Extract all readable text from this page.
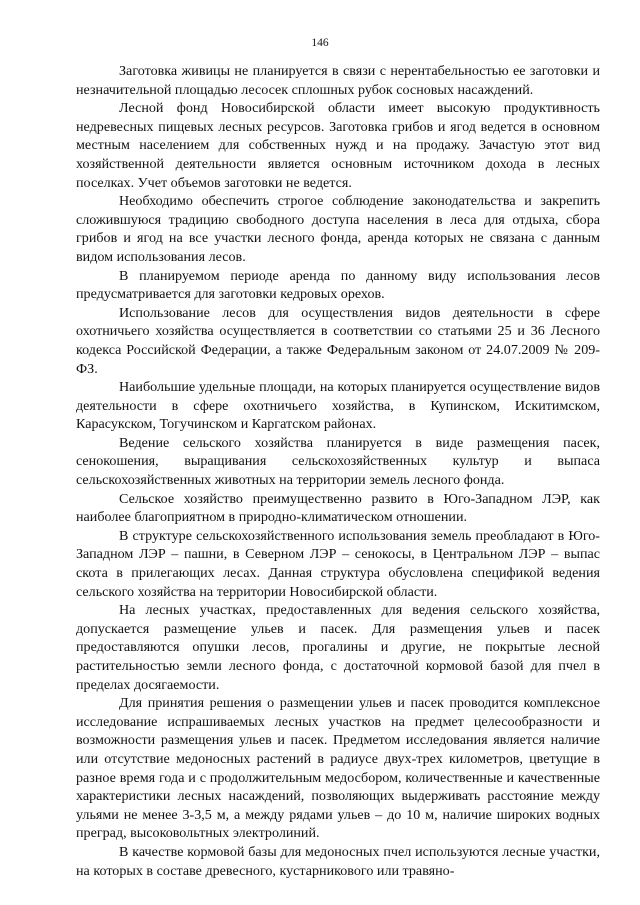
146

Заготовка живицы не планируется в связи с нерентабельностью ее заготовки и незначительной площадью лесосек сплошных рубок сосновых насаждений.

Лесной фонд Новосибирской области имеет высокую продуктивность недревесных пищевых лесных ресурсов. Заготовка грибов и ягод ведется в основном местным населением для собственных нужд и на продажу. Зачастую этот вид хозяйственной деятельности является основным источником дохода в лесных поселках. Учет объемов заготовки не ведется.

Необходимо обеспечить строгое соблюдение законодательства и закрепить сложившуюся традицию свободного доступа населения в леса для отдыха, сбора грибов и ягод на все участки лесного фонда, аренда которых не связана с данным видом использования лесов.

В планируемом периоде аренда по данному виду использования лесов предусматривается для заготовки кедровых орехов.

Использование лесов для осуществления видов деятельности в сфере охотничьего хозяйства осуществляется в соответствии со статьями 25 и 36 Лесного кодекса Российской Федерации, а также Федеральным законом от 24.07.2009 № 209-ФЗ.

Наибольшие удельные площади, на которых планируется осуществление видов деятельности в сфере охотничьего хозяйства, в Купинском, Искитимском, Карасукском, Тогучинском и Каргатском районах.

Ведение сельского хозяйства планируется в виде размещения пасек, сенокошения, выращивания сельскохозяйственных культур и выпаса сельскохозяйственных животных на территории земель лесного фонда.

Сельское хозяйство преимущественно развито в Юго-Западном ЛЭР, как наиболее благоприятном в природно-климатическом отношении.

В структуре сельскохозяйственного использования земель преобладают в Юго-Западном ЛЭР – пашни, в Северном ЛЭР – сенокосы, в Центральном ЛЭР – выпас скота в прилегающих лесах. Данная структура обусловлена спецификой ведения сельского хозяйства на территории Новосибирской области.

На лесных участках, предоставленных для ведения сельского хозяйства, допускается размещение ульев и пасек. Для размещения ульев и пасек предоставляются опушки лесов, прогалины и другие, не покрытые лесной растительностью земли лесного фонда, с достаточной кормовой базой для пчел в пределах досягаемости.

Для принятия решения о размещении ульев и пасек проводится комплексное исследование испрашиваемых лесных участков на предмет целесообразности и возможности размещения ульев и пасек. Предметом исследования является наличие или отсутствие медоносных растений в радиусе двух-трех километров, цветущие в разное время года и с продолжительным медосбором, количественные и качественные характеристики лесных насаждений, позволяющих выдерживать расстояние между ульями не менее 3-3,5 м, а между рядами ульев – до 10 м, наличие широких водных преград, высоковольтных электролиний.

В качестве кормовой базы для медоносных пчел используются лесные участки, на которых в составе древесного, кустарникового или травяно-
